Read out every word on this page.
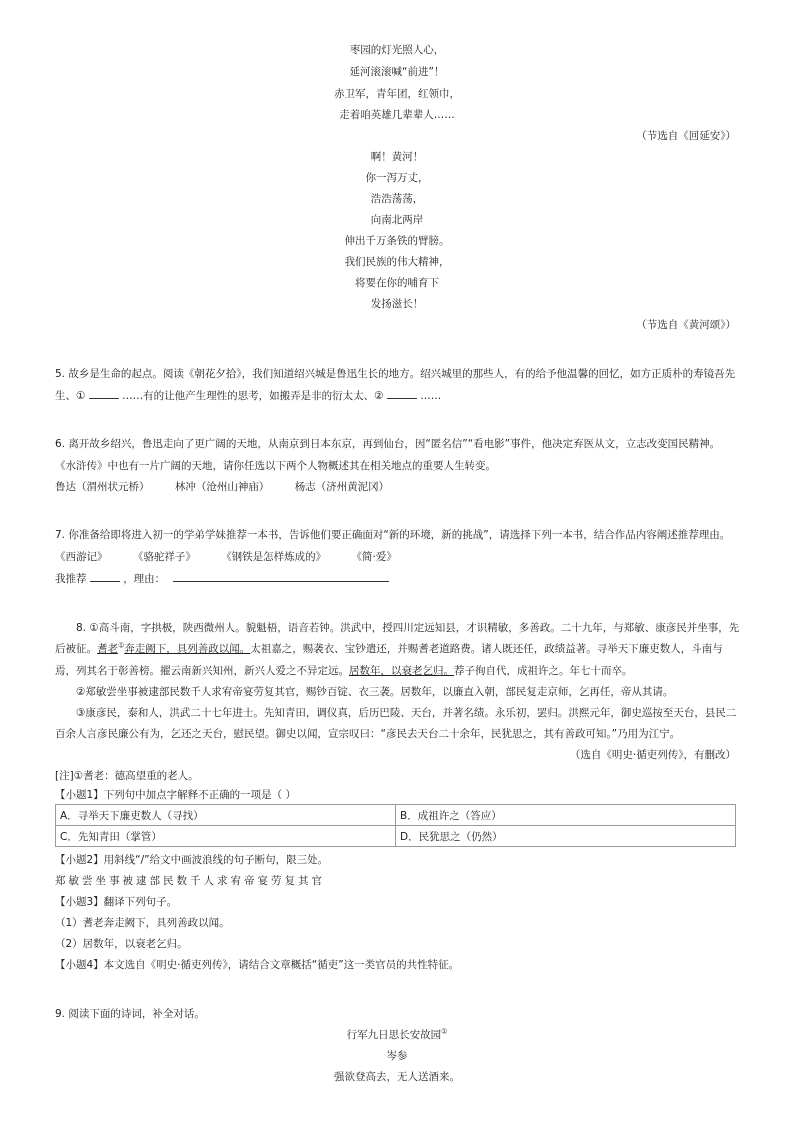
枣园的灯光照人心，
延河滚滚喊“前进”！
赤卫军，青年团，红领巾，
走着咱英雄几辈辈人……
（节选自《回延安》）
啊！黄河！
你一泻万丈，
浩浩荡荡，
向南北两岸
伸出千万条铁的臂膀。
我们民族的伟大精神，
将要在你的哺育下
发扬滋长！
（节选自《黄河颂》）
5. 故乡是生命的起点。阅读《朝花夕拾》，我们知道绍兴城是鲁迅生长的地方。绍兴城里的那些人，有的给予他温馨的回忆，如方正质朴的寿镜吾先
生、①	……有的让他产生理性的思考，如搬弄是非的衍太太、②	……
6. 离开故乡绍兴，鲁迅走向了更广阔的天地，从南京到日本东京，再到仙台，因“匿名信”“看电影”事件，他决定弃医从文，立志改变国民精神。
《水浒传》中也有一片广阔的天地，请你任选以下两个人物概述其在相关地点的重要人生转变。
鲁达（渭州状元桥） 林冲（沧州山神庙） 杨志（济州黄泥冈）
7. 你准备给即将进入初一的学弟学妹推荐一本书，告诉他们要正确面对“新的环境，新的挑战”，请选择下列一本书，结合作品内容阐述推荐理由。
《西游记》 《骆驼祥子》 《钢铁是怎样炼成的》 《简·爱》
我推荐	，理由：
8. ①高斗南，字拱极，陕西微州人。貌魁梧，语音若钟。洪武中，授四川定远知县，才识精敏，多善政。二十九年，与郑敏、康彦民并坐事，先
后被征。耆老①奔走阙下，具列善政以闻。太祖嘉之，赐袭衣、宝钞遣还，并赐耆老道路费。诸人既还任，政绩益著。寻举天下廉吏数人，斗南与
焉，列其名于彰善榜。擢云南新兴知州，新兴人爱之不异定远。居数年，以衰老乞归。荐子徇自代，成祖许之。年七十而卒。
②郑敏尝坐事被逮部民数千人求宥帝宴劳复其官，赐钞百锭、衣三袭。居数年，以廉直入朝，部民复走京师，乞再任，帝从其请。
③康彦民，泰和人，洪武二十七年进士。先知青田，调仪真，后历巴陵、天台，并著名绩。永乐初，罢归。洪熙元年，御史巡按至天台，县民二
百余人言彦民廉公有为，乞还之天台，慰民望。御史以闻，宣宗叹曰：“彦民去天台二十余年，民犹思之，其有善政可知。”乃用为江宁。
（选自《明史·循吏列传》，有删改）
[注]①耆老：德高望重的老人。
【小题1】下列句中加点字解释不正确的一项是（ ）
A．寻举天下廉吏数人（寻找）	B．成祖许之（答应）
C．先知青田（掌管）	D．民犹思之（仍然）
【小题2】用斜线“/”给文中画波浪线的句子断句，限三处。
郑敏尝坐事被逮部民数千人求宥帝宴劳复其官
【小题3】翻译下列句子。
（1）耆老奔走阙下，具列善政以闻。
（2）居数年，以衰老乞归。
【小题4】本文选自《明史·循吏列传》，请结合文章概括“循吏”这一类官员的共性特征。
9. 阅读下面的诗词，补全对话。
行军九日思长安故园①
岑参
强欲登高去，无人送酒来。
